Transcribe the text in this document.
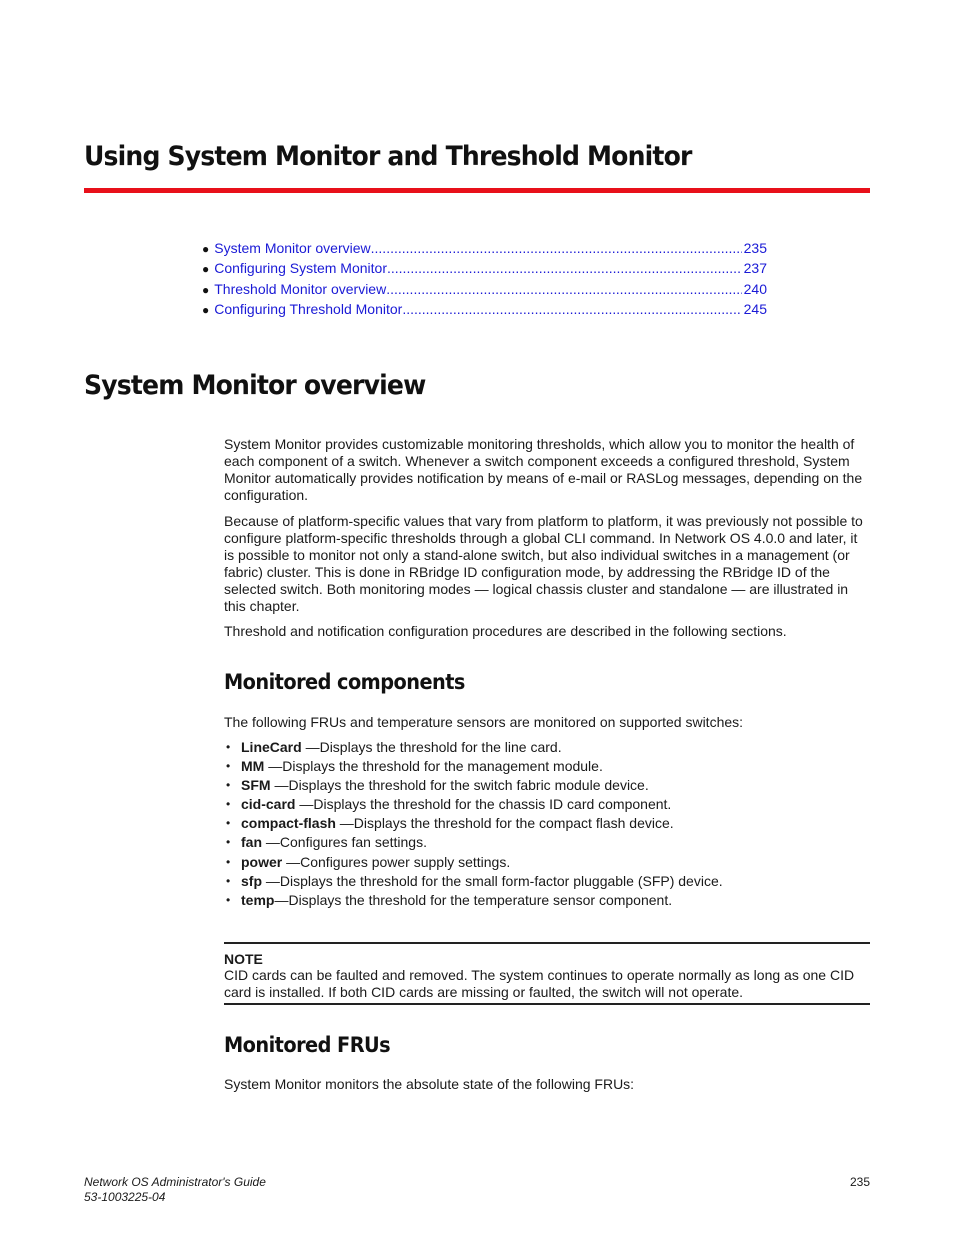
Using System Monitor and Threshold Monitor
● System Monitor overview .....	235
● Configuring System Monitor .....	237
● Threshold Monitor overview .....	240
● Configuring Threshold Monitor .....	245
System Monitor overview

System Monitor provides customizable monitoring thresholds, which allow you to monitor the health of each component of a switch. Whenever a switch component exceeds a configured threshold, System Monitor automatically provides notification by means of e-mail or RASLog messages, depending on the configuration.

Because of platform-specific values that vary from platform to platform, it was previously not possible to configure platform-specific thresholds through a global CLI command. In Network OS 4.0.0 and later, it is possible to monitor not only a stand-alone switch, but also individual switches in a management (or fabric) cluster. This is done in RBridge ID configuration mode, by addressing the RBridge ID of the selected switch. Both monitoring modes — logical chassis cluster and standalone — are illustrated in this chapter.

Threshold and notification configuration procedures are described in the following sections.

Monitored components

The following FRUs and temperature sensors are monitored on supported switches:

• LineCard —Displays the threshold for the line card.
• MM —Displays the threshold for the management module.
• SFM —Displays the threshold for the switch fabric module device.
• cid-card —Displays the threshold for the chassis ID card component.
• compact-flash —Displays the threshold for the compact flash device.
• fan —Configures fan settings.
• power —Configures power supply settings.
• sfp —Displays the threshold for the small form-factor pluggable (SFP) device.
• temp—Displays the threshold for the temperature sensor component.

NOTE

CID cards can be faulted and removed. The system continues to operate normally as long as one CID card is installed. If both CID cards are missing or faulted, the switch will not operate.

Monitored FRUs

System Monitor monitors the absolute state of the following FRUs:

Network OS Administrator's Guide
53-1003225-04
235
